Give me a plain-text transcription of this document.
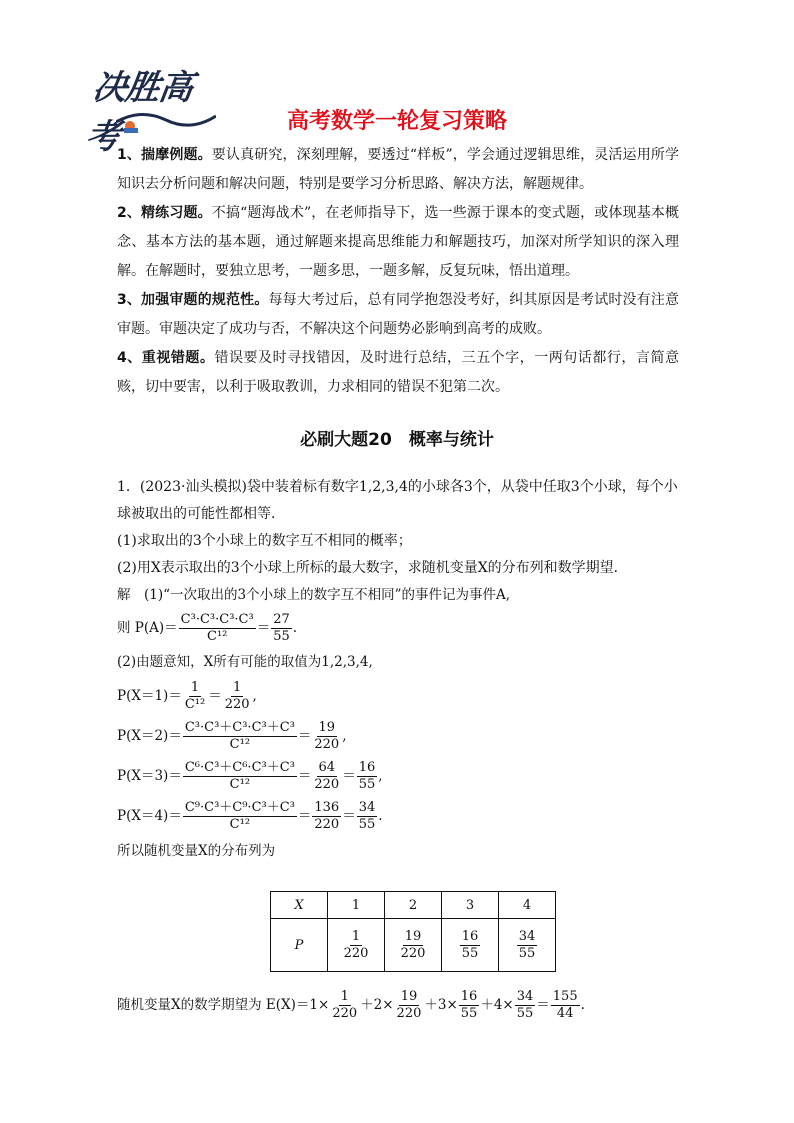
决胜高考	高考数学一轮复习策略

1、揣摩例题。要认真研究，深刻理解，要透过“样板”，学会通过逻辑思维，灵活运用所学知识去分析问题和解决问题，特别是要学习分析思路、解决方法，解题规律。

2、精练习题。不搞“题海战术”，在老师指导下，选一些源于课本的变式题，或体现基本概念、基本方法的基本题，通过解题来提高思维能力和解题技巧，加深对所学知识的深入理解。在解题时，要独立思考，一题多思，一题多解，反复玩味，悟出道理。

3、加强审题的规范性。每每大考过后，总有同学抱怨没考好，纠其原因是考试时没有注意审题。审题决定了成功与否，不解决这个问题势必影响到高考的成败。

4、重视错题。错误要及时寻找错因，及时进行总结，三五个字，一两句话都行，言简意赅，切中要害，以利于吸取教训，力求相同的错误不犯第二次。

必刷大题20　概率与统计

1．(2023·汕头模拟)袋中装着标有数字1,2,3,4的小球各3个，从袋中任取3个小球，每个小球被取出的可能性都相等．

(1)求取出的3个小球上的数字互不相同的概率；

(2)用X表示取出的3个小球上所标的最大数字，求随机变量X的分布列和数学期望．

解　(1)“一次取出的3个小球上的数字互不相同”的事件记为事件A,
则 $P(A)= \frac{\text{C³·C³·C³·C³}}{\text{C¹²}} = \frac{27}{55}$ .
(2)由题意知，X所有可能的取值为1,2,3,4,
$P(X=1)= \frac{1}{\text{C¹²}} = \frac{1}{220}$ ,
$P(X=2)= \frac{\text{C³·C³＋C³·C³＋C³}}{\text{C¹²}} = \frac{19}{220}$ ,
$P(X=3)= \frac{\text{C⁶·C³＋C⁶·C³＋C³}}{\text{C¹²}} = \frac{64}{220} = \frac{16}{55}$ ,
$P(X=4)= \frac{\text{C⁹·C³＋C⁹·C³＋C³}}{\text{C¹²}} = \frac{136}{220} = \frac{34}{55}$ .
所以随机变量X的分布列为
X	1	2	3	4
P	$\frac{1}{220}$	$\frac{19}{220}$	$\frac{16}{55}$	$\frac{34}{55}$
随机变量X的数学期望为 $E(X)=1\times \frac{1}{220} +2\times \frac{19}{220} +3\times \frac{16}{55} +4\times \frac{34}{55} = \frac{155}{44}$ .
